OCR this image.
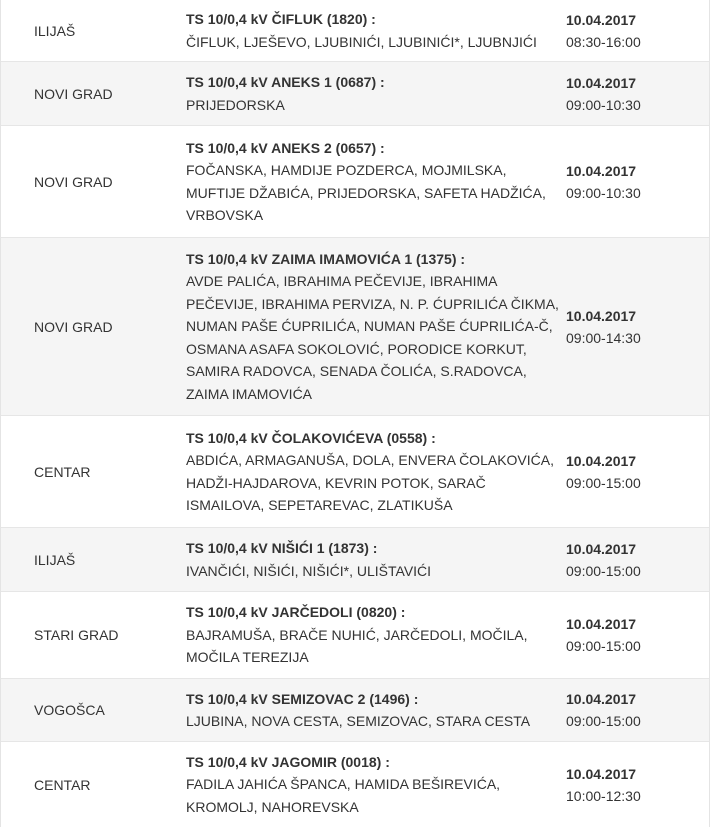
ILIJAŠ
TS 10/0,4 kV ČIFLUK (1820) :
ČIFLUK, LJEŠEVO, LJUBINIĆI, LJUBINIĆI*, LJUBNJIĆI
10.04.2017
08:30-16:00
NOVI GRAD
TS 10/0,4 kV ANEKS 1 (0687) :
PRIJEDORSKA
10.04.2017
09:00-10:30
NOVI GRAD
TS 10/0,4 kV ANEKS 2 (0657) :
FOČANSKA, HAMDIJE POZDERCA, MOJMILSKA, MUFTIJE DŽABIĆA, PRIJEDORSKA, SAFETA HADŽIĆA, VRBOVSKA
10.04.2017
09:00-10:30
NOVI GRAD
TS 10/0,4 kV ZAIMA IMAMOVIĆA 1 (1375) :
AVDE PALIĆA, IBRAHIMA PEČEVIJE, IBRAHIMA PEČEVIJE, IBRAHIMA PERVIZA, N. P. ĆUPRILIĆA ČIKMA, NUMAN PAŠE ĆUPRILIĆA, NUMAN PAŠE ĆUPRILIĆA-Č, OSMANA ASAFA SOKOLOVIĆ, PORODICE KORKUT, SAMIRA RADOVCA, SENADA ČOLIĆA, S.RADOVCA, ZAIMA IMAMOVIĆA
10.04.2017
09:00-14:30
CENTAR
TS 10/0,4 kV ČOLAKOVIĆEVA (0558) :
ABDIĆA, ARMAGANUŠA, DOLA, ENVERA ČOLAKOVIĆA, HADŽI-HAJDAROVA, KEVRIN POTOK, SARAČ ISMAILOVA, SEPETAREVAC, ZLATIKUŠA
10.04.2017
09:00-15:00
ILIJAŠ
TS 10/0,4 kV NIŠIĆI 1 (1873) :
IVANČIĆI, NIŠIĆI, NIŠIĆI*, ULIŠTAVIĆI
10.04.2017
09:00-15:00
STARI GRAD
TS 10/0,4 kV JARČEDOLI (0820) :
BAJRAMUŠA, BRAČE NUHIĆ, JARČEDOLI, MOČILA, MOČILA TEREZIJA
10.04.2017
09:00-15:00
VOGOŠCA
TS 10/0,4 kV SEMIZOVAC 2 (1496) :
LJUBINA, NOVA CESTA, SEMIZOVAC, STARA CESTA
10.04.2017
09:00-15:00
CENTAR
TS 10/0,4 kV JAGOMIR (0018) :
FADILA JAHIĆA ŠPANCA, HAMIDA BEŠIREVIĆA, KROMOLJ, NAHOREVSKA
10.04.2017
10:00-12:30
